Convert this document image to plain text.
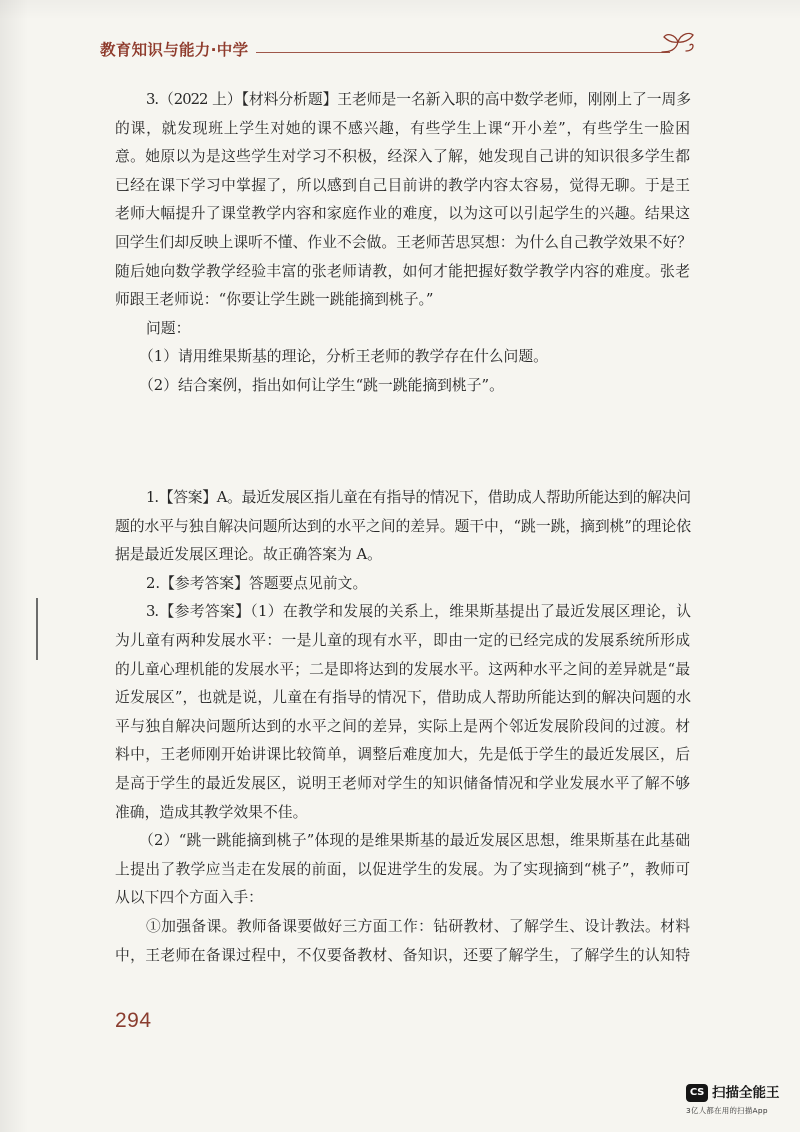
教育知识与能力·中学
3.（2022 上）【材料分析题】王老师是一名新入职的高中数学老师，刚刚上了一周多
的课，就发现班上学生对她的课不感兴趣，有些学生上课“开小差”，有些学生一脸困
意。她原以为是这些学生对学习不积极，经深入了解，她发现自己讲的知识很多学生都
已经在课下学习中掌握了，所以感到自己目前讲的教学内容太容易，觉得无聊。于是王
老师大幅提升了课堂教学内容和家庭作业的难度，以为这可以引起学生的兴趣。结果这
回学生们却反映上课听不懂、作业不会做。王老师苦思冥想：为什么自己教学效果不好？
随后她向数学教学经验丰富的张老师请教，如何才能把握好数学教学内容的难度。张老
师跟王老师说：“你要让学生跳一跳能摘到桃子。”
问题：
（1）请用维果斯基的理论，分析王老师的教学存在什么问题。
（2）结合案例，指出如何让学生“跳一跳能摘到桃子”。
1.【答案】A。最近发展区指儿童在有指导的情况下，借助成人帮助所能达到的解决问
题的水平与独自解决问题所达到的水平之间的差异。题干中，“跳一跳，摘到桃”的理论依
据是最近发展区理论。故正确答案为 A。
2.【参考答案】答题要点见前文。
3.【参考答案】（1）在教学和发展的关系上，维果斯基提出了最近发展区理论，认
为儿童有两种发展水平：一是儿童的现有水平，即由一定的已经完成的发展系统所形成
的儿童心理机能的发展水平；二是即将达到的发展水平。这两种水平之间的差异就是“最
近发展区”，也就是说，儿童在有指导的情况下，借助成人帮助所能达到的解决问题的水
平与独自解决问题所达到的水平之间的差异，实际上是两个邻近发展阶段间的过渡。材
料中，王老师刚开始讲课比较简单，调整后难度加大，先是低于学生的最近发展区，后
是高于学生的最近发展区，说明王老师对学生的知识储备情况和学业发展水平了解不够
准确，造成其教学效果不佳。
（2）“跳一跳能摘到桃子”体现的是维果斯基的最近发展区思想，维果斯基在此基础
上提出了教学应当走在发展的前面，以促进学生的发展。为了实现摘到“桃子”，教师可
从以下四个方面入手：
①加强备课。教师备课要做好三方面工作：钻研教材、了解学生、设计教法。材料
中，王老师在备课过程中，不仅要备教材、备知识，还要了解学生，了解学生的认知特
294
CS 扫描全能王
3亿人都在用的扫描App
